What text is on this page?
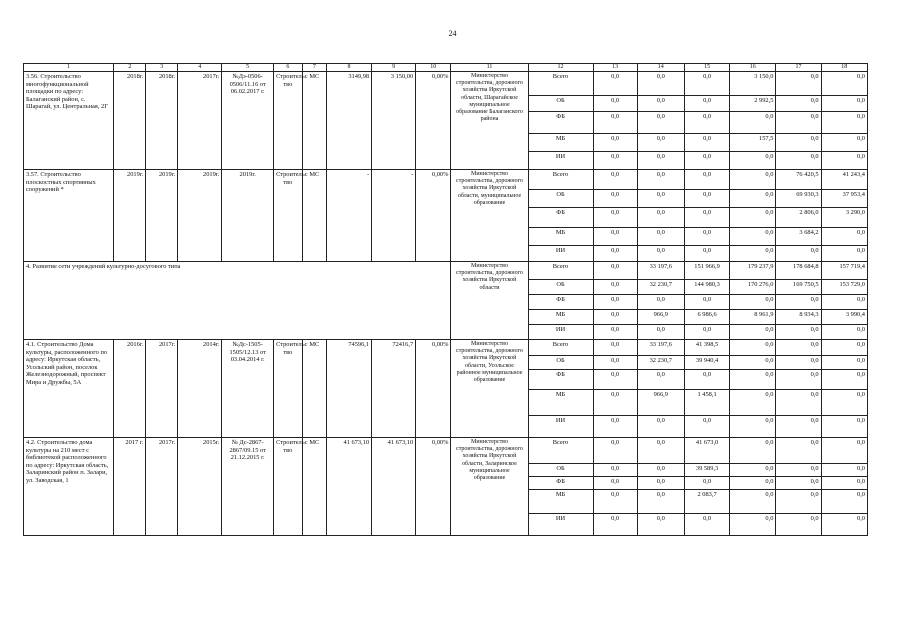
24
1	2	3	4	5	6	7	8	9	10	11	12	13	14	15	16	17	18
3.56. Строительство многофункциональной площадки по адресу: Балаганский район, с. Шарагай, ул. Центральная, 2Г	2018г.	2018г.	2017г.	№Дэ-0506-0506/11.16 от 06.02.2017 г.	Строительс тво	МС	3149,98	3 150,00	0,00%	Министерство строительства, дорожного хозяйства Иркутской области, Шарагайское муниципальное образование Балаганского района	Всего	0,0	0,0	0,0	3 150,0	0,0	0,0
											ОБ	0,0	0,0	0,0	2 992,5	0,0	0,0
											ФБ	0,0	0,0	0,0	0,0	0,0	0,0
											МБ	0,0	0,0	0,0	157,5	0,0	0,0
											ИИ	0,0	0,0	0,0	0,0	0,0	0,0
3.57. Строительство плоскостных спортивных сооружений *	2019г.	2019г.	2019г.	2019г.	Строительс тво	МС	-	-	0,00%	Министерство строительства, дорожного хозяйства Иркутской области, муниципальное образование	Всего	0,0	0,0	0,0	0,0	76 420,5	41 243,4
											ОБ	0,0	0,0	0,0	0,0	69 930,3	37 953,4
											ФБ	0,0	0,0	0,0	0,0	2 806,0	3 290,0
											МБ	0,0	0,0	0,0	0,0	3 684,2	0,0
											ИИ	0,0	0,0	0,0	0,0	0,0	0,0
4. Развитие сети учреждений культурно-досугового типа										Министерство строительства, дорожного хозяйства Иркутской области	Всего	0,0	33 197,6	151 966,9	179 237,9	178 684,8	157 719,4
											ОБ	0,0	32 230,7	144 980,3	170 276,0	169 750,5	153 729,0
											ФБ	0,0	0,0	0,0	0,0	0,0	0,0
											МБ	0,0	966,9	6 986,6	8 961,9	8 934,3	3 990,4
											ИИ	0,0	0,0	0,0	0,0	0,0	0,0
4.1. Строительство Дома культуры, расположенного по адресу: Иркутская область, Усольский район, поселок Железнодорожный, проспект Мира и Дружбы, 5А	2016г.	2017г.	2014г.	№Дс-1505-1505/12.13 от 03.04.2014 г.	Строительс тво	МС	74596,1	72416,7	0,00%	Министерство строительства, дорожного хозяйства Иркутской области, Усольское районное муниципальное образование	Всего	0,0	33 197,6	41 398,5	0,0	0,0	0,0
											ОБ	0,0	32 230,7	39 940,4	0,0	0,0	0,0
											ФБ	0,0	0,0	0,0	0,0	0,0	0,0
											МБ	0,0	966,9	1 458,1	0,0	0,0	0,0
											ИИ	0,0	0,0	0,0	0,0	0,0	0,0
4.2. Строительство дома культуры на 210 мест с библиотекой расположенного по адресу: Иркутская область, Заларинский район п. Залари, ул. Заводская, 1	2017 г.	2017г.	2015г.	№ Дс-2867-2867/09.15 от 21.12.2015 г.	Строительс тво	МС	41 673,10	41 673,10	0,00%	Министерство строительства, дорожного хозяйства Иркутской области, Заларинское муниципальное образование	Всего	0,0	0,0	41 673,0	0,0	0,0	0,0
											ОБ	0,0	0,0	39 589,3	0,0	0,0	0,0
											ФБ	0,0	0,0	0,0	0,0	0,0	0,0
											МБ	0,0	0,0	2 083,7	0,0	0,0	0,0
											ИИ	0,0	0,0	0,0	0,0	0,0	0,0
